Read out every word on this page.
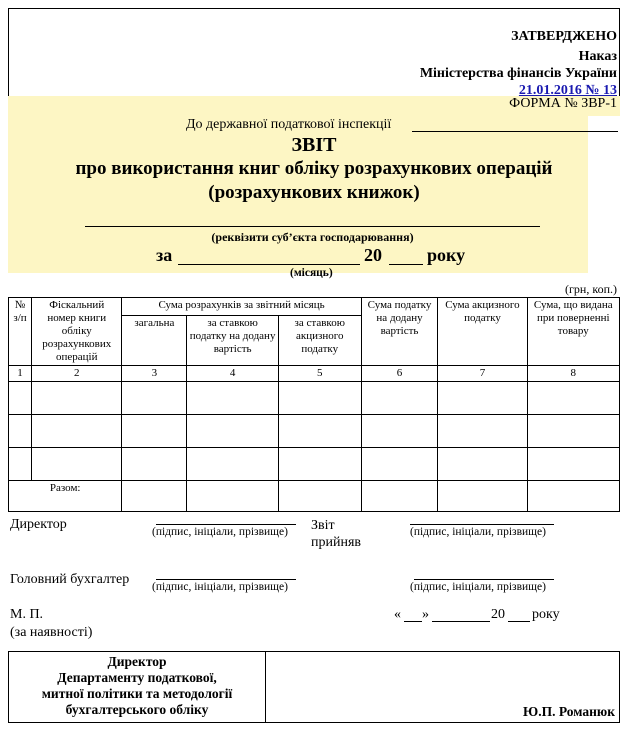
ЗАТВЕРДЖЕНО
Наказ
Міністерства фінансів України
21.01.2016 № 13
ФОРМА № ЗВР-1
До державної податкової інспекції
ЗВІТ
про використання книг обліку розрахункових операцій
(розрахункових книжок)
(реквізити суб’єкта господарювання)
за	20	року
(місяць)
(грн, коп.)
№ з/п	Фіскальний номер книги обліку розрахункових операцій	Сума розрахунків за звітний місяць			Сума податку на додану вартість	Сума акцизного податку	Сума, що видана при поверненні товару
		загальна	за ставкою податку на додану вартість	за ставкою акцизного податку			
1	2	3	4	5	6	7	8

Разом:							
Директор	(підпис, ініціали, прізвище) Звіт прийняв
(підпис, ініціали, прізвище)
Головний бухгалтер (підпис, ініціали, прізвище)	(підпис, ініціали, прізвище)
М. П.
(за наявності)
« »	20 року
Директор
Департаменту податкової,
митної політики та методології
бухгалтерського обліку	Ю.П. Романюк
